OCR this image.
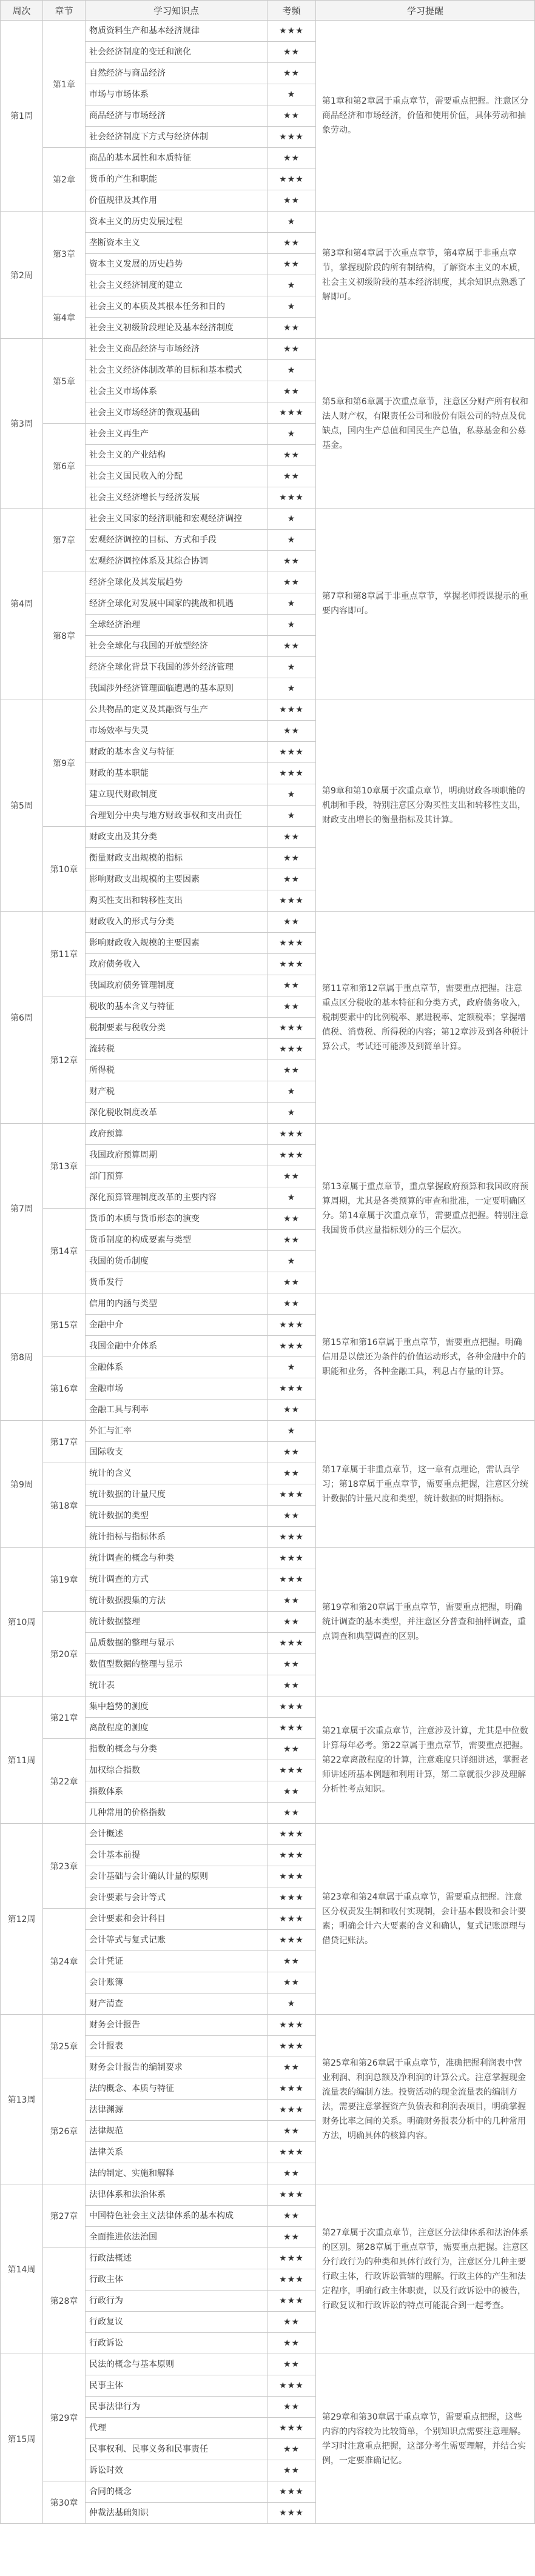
周次	章节	学习知识点	考频	学习提醒
第1周	第1章	物质资料生产和基本经济规律	★★★	第1章和第2章属于重点章节，需要重点把握。注意区分商品经济和市场经济，价值和使用价值，具体劳动和抽象劳动。
		社会经济制度的变迁和演化	★★	
		自然经济与商品经济	★★	
		市场与市场体系	★	
		商品经济与市场经济	★★	
		社会经济制度下方式与经济体制	★★★	
	第2章	商品的基本属性和本质特征	★★	
		货币的产生和职能	★★★	
		价值规律及其作用	★★	
第2周	第3章	资本主义的历史发展过程	★	第3章和第4章属于次重点章节，第4章属于非重点章节，掌握现阶段的所有制结构，了解资本主义的本质，社会主义初级阶段的基本经济制度，其余知识点熟悉了解即可。
		垄断资本主义	★★	
		资本主义发展的历史趋势	★★	
		社会主义经济制度的建立	★	
	第4章	社会主义的本质及其根本任务和目的	★	
		社会主义初级阶段理论及基本经济制度	★★	
第3周	第5章	社会主义商品经济与市场经济	★★	第5章和第6章属于次重点章节，注意区分财产所有权和法人财产权，有限责任公司和股份有限公司的特点及优缺点，国内生产总值和国民生产总值，私募基金和公募基金。
		社会主义经济体制改革的目标和基本模式	★	
		社会主义市场体系	★★	
		社会主义市场经济的微观基础	★★★	
	第6章	社会主义再生产	★	
		社会主义的产业结构	★★	
		社会主义国民收入的分配	★★	
		社会主义经济增长与经济发展	★★★	
第4周	第7章	社会主义国家的经济职能和宏观经济调控	★	第7章和第8章属于非重点章节，掌握老师授课提示的重要内容即可。
		宏观经济调控的目标、方式和手段	★	
		宏观经济调控体系及其综合协调	★★	
	第8章	经济全球化及其发展趋势	★★	
		经济全球化对发展中国家的挑战和机遇	★	
		全球经济治理	★	
		社会全球化与我国的开放型经济	★★	
		经济全球化背景下我国的涉外经济管理	★	
		我国涉外经济管理面临遭遇的基本原则	★	
第5周	第9章	公共物品的定义及其融资与生产	★★★	第9章和第10章属于次重点章节，明确财政各项职能的机制和手段，特别注意区分购买性支出和转移性支出，财政支出增长的衡量指标及其计算。
		市场效率与失灵	★★	
		财政的基本含义与特征	★★★	
		财政的基本职能	★★★	
		建立现代财政制度	★	
		合理划分中央与地方财政事权和支出责任	★	
	第10章	财政支出及其分类	★★	
		衡量财政支出规模的指标	★★	
		影响财政支出规模的主要因素	★★	
		购买性支出和转移性支出	★★★	
第6周	第11章	财政收入的形式与分类	★★	第11章和第12章属于重点章节，需要重点把握。注意重点区分税收的基本特征和分类方式，政府债务收入，税制要素中的比例税率、累进税率、定额税率；掌握增值税、消费税、所得税的内容；第12章涉及到各种税计算公式，考试还可能涉及到简单计算。
		影响财政收入规模的主要因素	★★★	
		政府债务收入	★★★	
		我国政府债务管理制度	★★	
	第12章	税收的基本含义与特征	★★	
		税制要素与税收分类	★★★	
		流转税	★★★	
		所得税	★★	
		财产税	★	
		深化税收制度改革	★	
第7周	第13章	政府预算	★★★	第13章属于重点章节，重点掌握政府预算和我国政府预算周期，尤其是各类预算的审查和批准，一定要明确区分。第14章属于次重点章节，需要重点把握。特别注意我国货币供应量指标划分的三个层次。
		我国政府预算周期	★★★	
		部门预算	★★	
		深化预算管理制度改革的主要内容	★	
	第14章	货币的本质与货币形态的演变	★★	
		货币制度的构成要素与类型	★★	
		我国的货币制度	★	
		货币发行	★★	
第8周	第15章	信用的内涵与类型	★★	第15章和第16章属于重点章节，需要重点把握。明确信用是以偿还为条件的价值运动形式，各种金融中介的职能和业务，各种金融工具，利息占存量的计算。
		金融中介	★★★	
		我国金融中介体系	★★★	
	第16章	金融体系	★	
		金融市场	★★★	
		金融工具与利率	★★	
第9周	第17章	外汇与汇率	★	第17章属于非重点章节，这一章有点理论，需认真学习；第18章属于重点章节，需要重点把握，注意区分统计数据的计量尺度和类型，统计数据的时期指标。
		国际收支	★★	
	第18章	统计的含义	★★	
		统计数据的计量尺度	★★★	
		统计数据的类型	★★	
		统计指标与指标体系	★★★	
第10周	第19章	统计调查的概念与种类	★★★	第19章和第20章属于重点章节，需要重点把握，明确统计调查的基本类型，并注意区分普查和抽样调查，重点调查和典型调查的区别。
		统计调查的方式	★★★	
		统计数据搜集的方法	★★	
	第20章	统计数据整理	★★	
		品质数据的整理与显示	★★★	
		数值型数据的整理与显示	★★	
		统计表	★★	
第11周	第21章	集中趋势的测度	★★★	第21章属于次重点章节，注意涉及计算，尤其是中位数计算每年必考。第22章属于重点章节，需要重点把握。第22章离散程度的计算，注意难度只详细讲述，掌握老师讲述所基本例题和利用计算，第二章就很少涉及理解分析性考点知识。
		离散程度的测度	★★★	
	第22章	指数的概念与分类	★★	
		加权综合指数	★★★	
		指数体系	★★	
		几种常用的价格指数	★★	
第12周	第23章	会计概述	★★★	第23章和第24章属于重点章节，需要重点把握。注意区分权责发生制和收付实现制，会计基本假设和会计要素；明确会计六大要素的含义和确认，复式记账原理与借贷记账法。
		会计基本前提	★★★	
		会计基础与会计确认计量的原则	★★★	
		会计要素与会计等式	★★★	
	第24章	会计要素和会计科目	★★★	
		会计等式与复式记账	★★★	
		会计凭证	★★	
		会计账簿	★★	
		财产清查	★	
第13周	第25章	财务会计报告	★★★	第25章和第26章属于重点章节，准确把握利润表中营业利润、利润总额及净利润的计算公式。注意掌握现金流量表的编制方法。投资活动的现金流量表的编制方法，需要注意掌握资产负债表和利润表项目，明确掌握财务比率之间的关系。明确财务报表分析中的几种常用方法，明确具体的核算内容。
		会计报表	★★★	
		财务会计报告的编制要求	★★	
	第26章	法的概念、本质与特征	★★★	
		法律渊源	★★★	
		法律规范	★★	
		法律关系	★★★	
		法的制定、实施和解释	★★	
第14周	第27章	法律体系和法治体系	★★★	第27章属于次重点章节，注意区分法律体系和法治体系的区别。第28章属于重点章节，需要重点把握。注意区分行政行为的种类和具体行政行为，注意区分几种主要行政主体，行政诉讼管辖的理解。行政主体的产生和法定程序，明确行政主体职责，以及行政诉讼中的被告，行政复议和行政诉讼的特点可能混合到一起考查。
		中国特色社会主义法律体系的基本构成	★★	
		全面推进依法治国	★★	
	第28章	行政法概述	★★★	
		行政主体	★★★	
		行政行为	★★★	
		行政复议	★★	
		行政诉讼	★★	
第15周	第29章	民法的概念与基本原则	★★	第29章和第30章属于重点章节，需要重点把握，这些内容的内容较为比较简单，个别知识点需要注意理解。学习时注意重点把握，这部分考生需要理解，并结合实例，一定要准确记忆。
		民事主体	★★★	
		民事法律行为	★★	
		代理	★★★	
		民事权利、民事义务和民事责任	★★	
		诉讼时效	★★	
	第30章	合同的概念	★★★	
		仲裁法基础知识	★★★	
